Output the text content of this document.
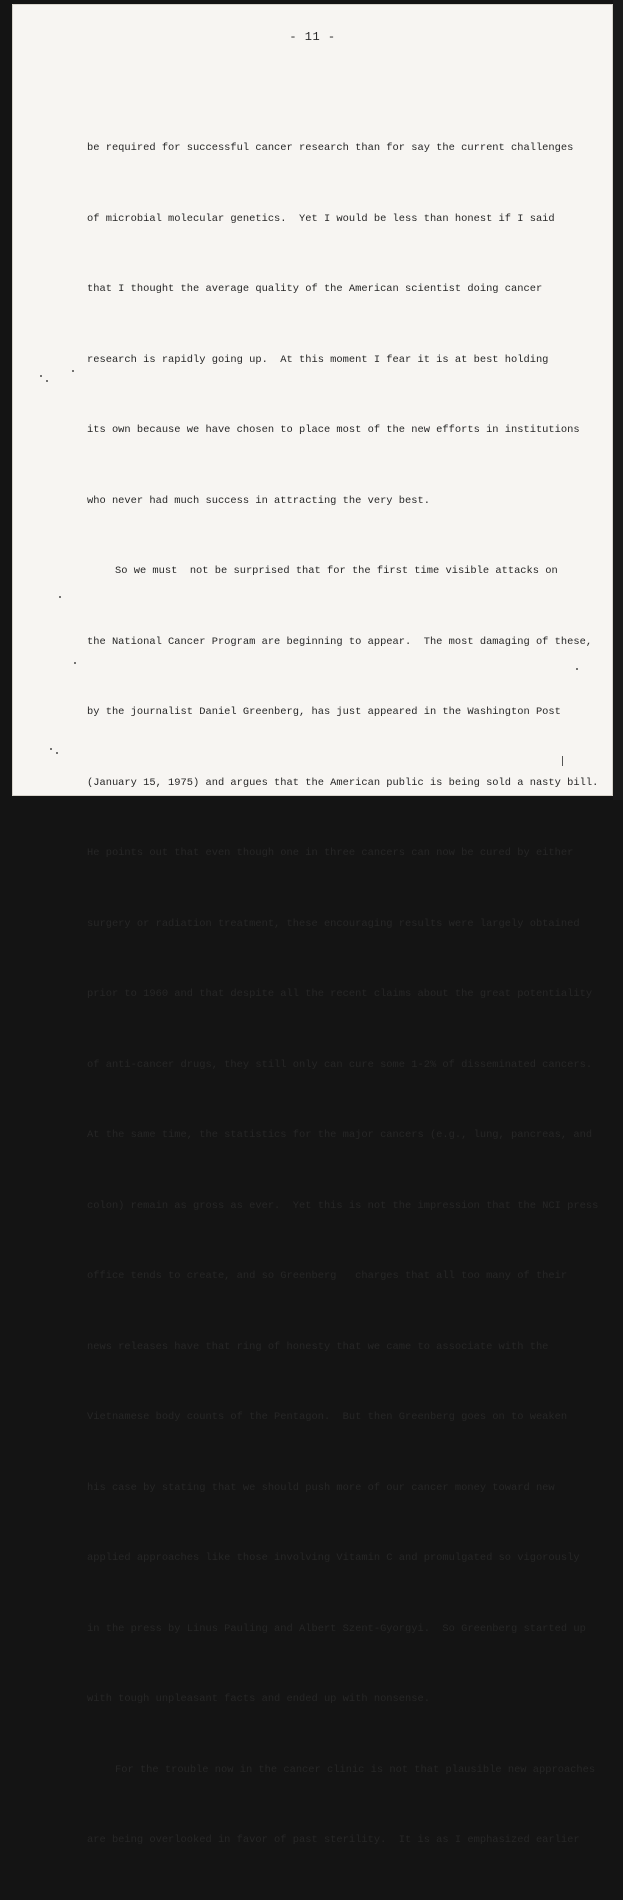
- 11 -

be required for successful cancer research than for say the current challenges

of microbial molecular genetics.  Yet I would be less than honest if I said

that I thought the average quality of the American scientist doing cancer

research is rapidly going up.  At this moment I fear it is at best holding

its own because we have chosen to place most of the new efforts in institutions

who never had much success in attracting the very best.

So we must  not be surprised that for the first time visible attacks on

the National Cancer Program are beginning to appear.  The most damaging of these,

by the journalist Daniel Greenberg, has just appeared in the Washington Post

(January 15, 1975) and argues that the American public is being sold a nasty bill.

He points out that even though one in three cancers can now be cured by either

surgery or radiation treatment, these encouraging results were largely obtained

prior to 1960 and that despite all the recent claims about the great potentiality

of anti-cancer drugs, they still only can cure some 1-2% of disseminated cancers.

At the same time, the statistics for the major cancers (e.g., lung, pancreas, and

colon) remain as gross as ever.  Yet this is not the impression that the NCI press

office tends to create, and so Greenberg   charges that all too many of their

news releases have that ring of honesty that we came to associate with the

Vietnamese body counts of the Pentagon.  But then Greenberg goes on to weaken

his case by stating that we should push more of our cancer money toward new

applied approaches like those involving Vitamin C and promulgated so vigorously

in the press by Linus Pauling and Albert Szent-Gyorgyi.  So Greenberg started up

with tough unpleasant facts and ended up with nonsense.

For the trouble now in the cancer clinic is not that plausible new approaches

are being overlooked in favor of past sterility.  It is as I emphasized earlier
